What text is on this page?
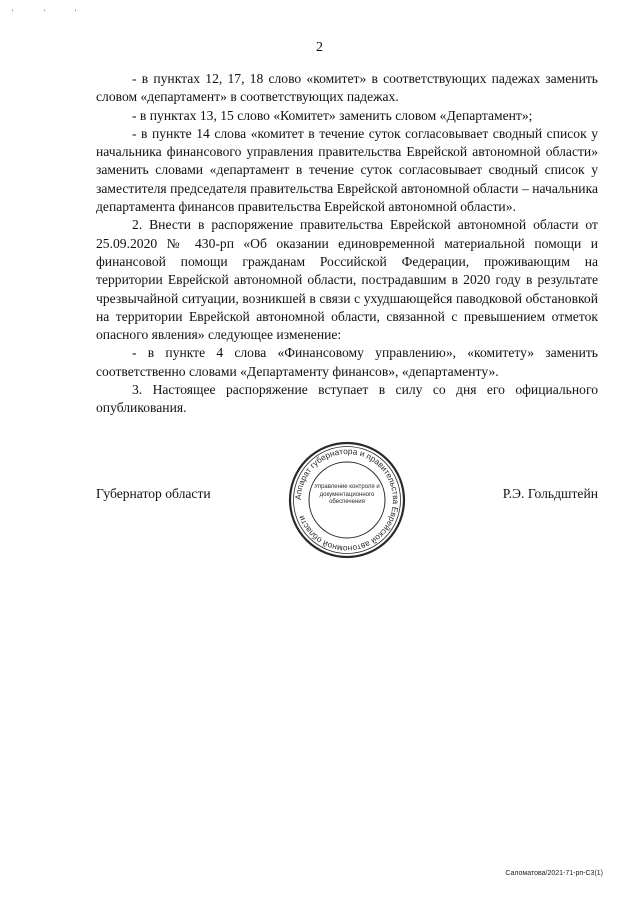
' ' '
2

- в пунктах 12, 17, 18 слово «комитет» в соответствующих падежах заменить словом «департамент» в соответствующих падежах.

- в пунктах 13, 15 слово «Комитет» заменить словом «Департамент»;

- в пункте 14 слова «комитет в течение суток согласовывает сводный список у начальника финансового управления правительства Еврейской автономной области» заменить словами «департамент в течение суток согласовывает сводный список у заместителя председателя правительства Еврейской автономной области – начальника департамента финансов правительства Еврейской автономной области».

2. Внести в распоряжение правительства Еврейской автономной области от 25.09.2020 № 430-рп «Об оказании единовременной материальной помощи и финансовой помощи гражданам Российской Федерации, проживающим на территории Еврейской автономной области, пострадавшим в 2020 году в результате чрезвычайной ситуации, возникшей в связи с ухудшающейся паводковой обстановкой на территории Еврейской автономной области, связанной с превышением отметок опасного явления» следующее изменение:

- в пункте 4 слова «Финансовому управлению», «комитету» заменить соответственно словами «Департаменту финансов», «департаменту».

3. Настоящее распоряжение вступает в силу со дня его официального опубликования.

Аппарат губернатора и правительства Еврейской автономной области
Управление контроля и документационного обеспечения
Губернатор области	Р.Э. Гольдштейн
Саломатова/2021-71-рп-С3(1)
